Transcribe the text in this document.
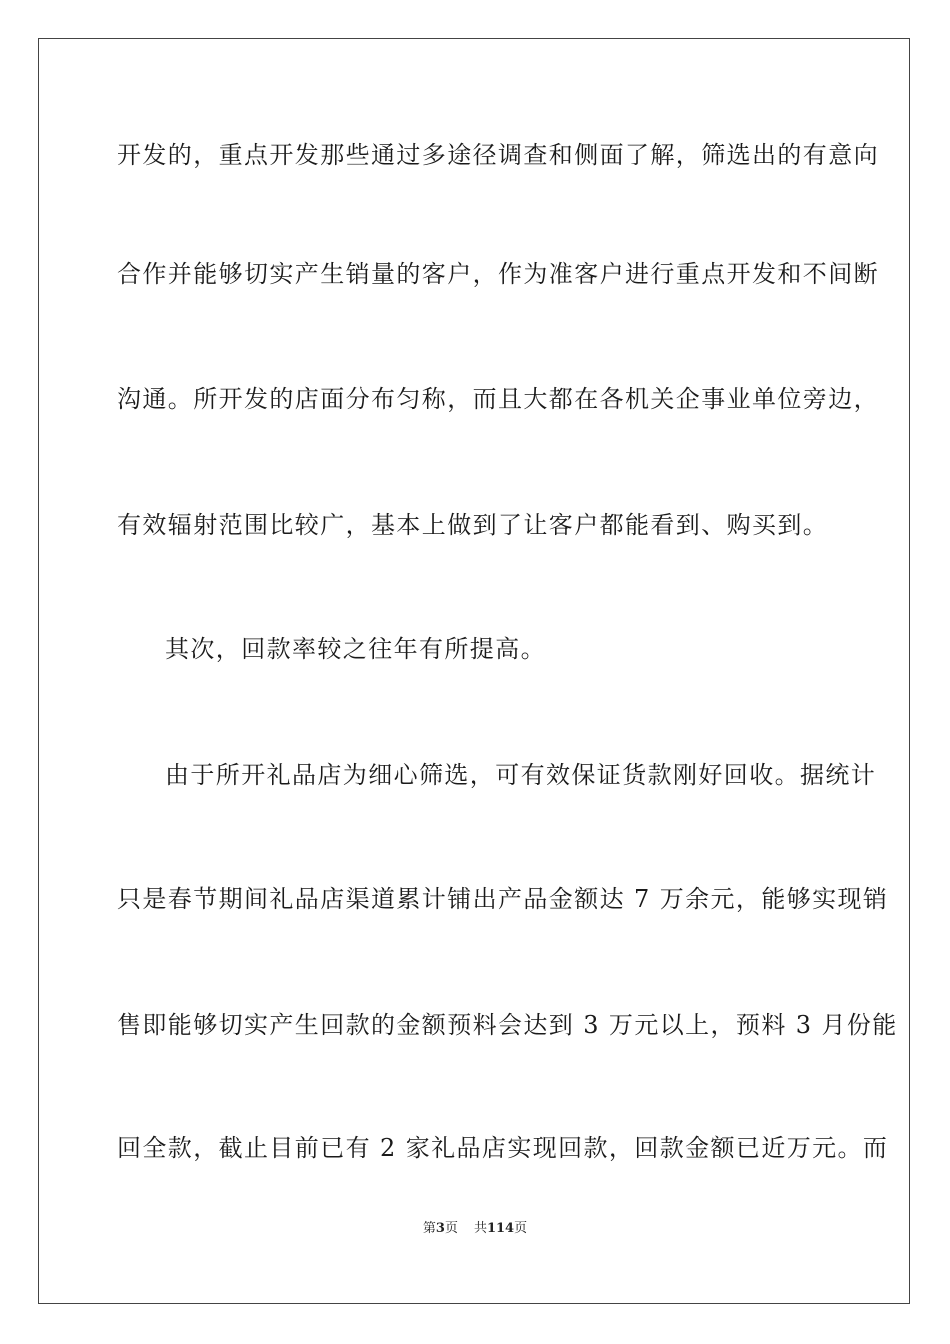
开发的，重点开发那些通过多途径调查和侧面了解，筛选出的有意向
合作并能够切实产生销量的客户，作为准客户进行重点开发和不间断
沟通。所开发的店面分布匀称，而且大都在各机关企事业单位旁边，
有效辐射范围比较广，基本上做到了让客户都能看到、购买到。
其次，回款率较之往年有所提高。
由于所开礼品店为细心筛选，可有效保证货款刚好回收。据统计
只是春节期间礼品店渠道累计铺出产品金额达 7 万余元，能够实现销
售即能够切实产生回款的金额预料会达到 3 万元以上，预料 3 月份能
回全款，截止目前已有 2 家礼品店实现回款，回款金额已近万元。而
第3页 共114页
